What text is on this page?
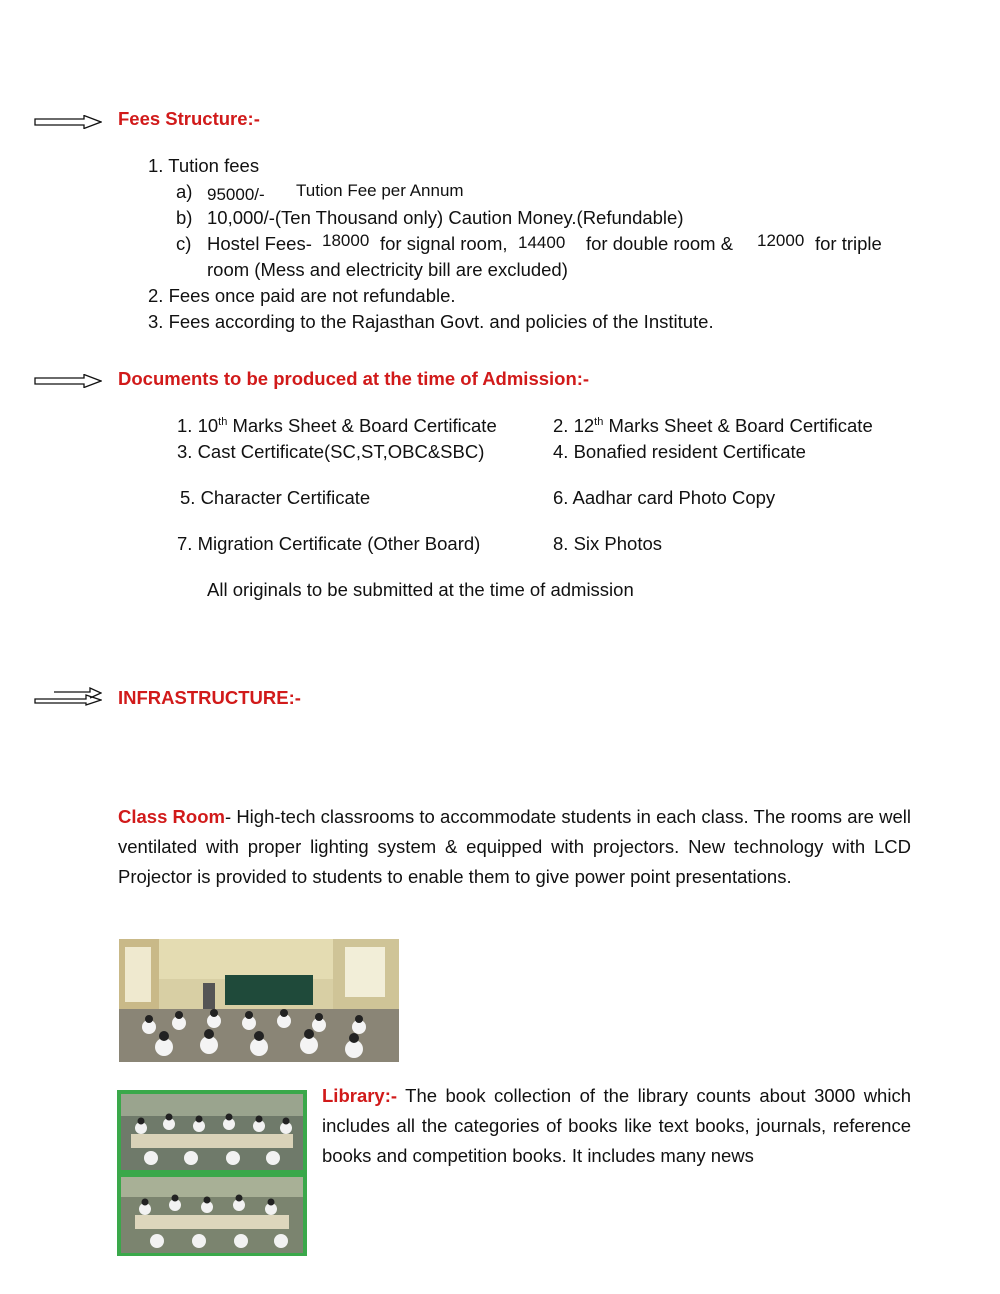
Fees Structure:-
1. Tution fees
a) 95000/- Tution Fee per Annum
b) 10,000/-(Ten Thousand only) Caution Money.(Refundable)
c) Hostel Fees- 18000 for signal room, 14400 for double room & 12000 for triple
room (Mess and electricity bill are excluded)
2. Fees once paid are not refundable.
3. Fees according to the Rajasthan Govt. and policies of the Institute.
Documents to be produced at the time of Admission:-
1. 10th Marks Sheet & Board Certificate	2. 12th Marks Sheet & Board Certificate
3. Cast Certificate(SC,ST,OBC&SBC)	4. Bonafied resident Certificate
5. Character Certificate	6. Aadhar card Photo Copy
7. Migration Certificate (Other Board)	8. Six Photos
All originals to be submitted at the time of admission
INFRASTRUCTURE:-
Class Room- High-tech classrooms to accommodate students in each class. The rooms are well ventilated with proper lighting system & equipped with projectors. New technology with LCD Projector is provided to students to enable them to give power point presentations.
Library:- The book collection of the library counts about 3000 which includes all the categories of books like text books, journals, reference books and competition books. It includes many news
